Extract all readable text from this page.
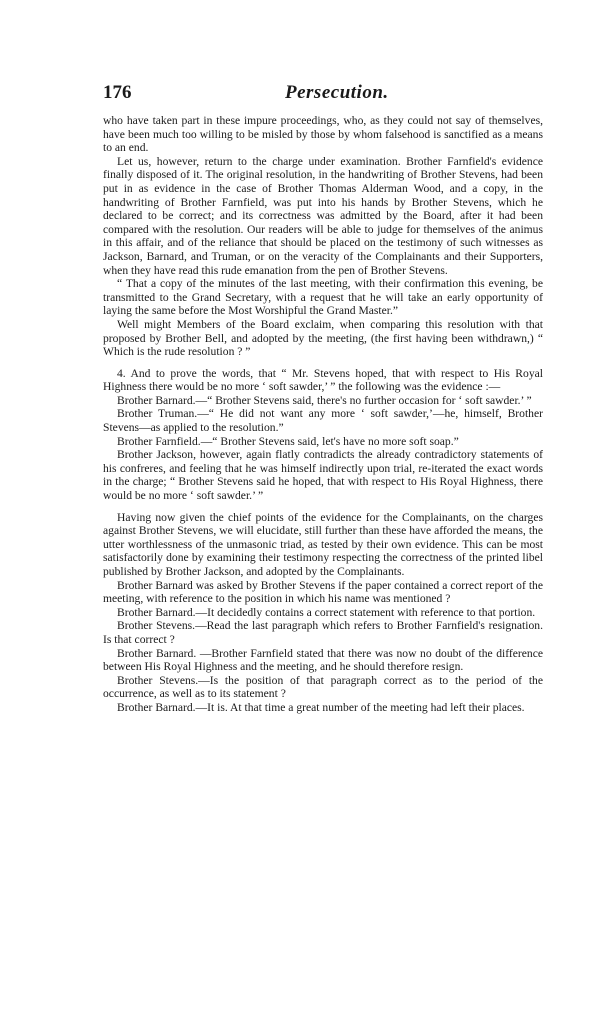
176	Persecution.

who have taken part in these impure proceedings, who, as they could not say of themselves, have been much too willing to be misled by those by whom falsehood is sanctified as a means to an end.

Let us, however, return to the charge under examination. Brother Farnfield's evidence finally disposed of it. The original resolution, in the handwriting of Brother Stevens, had been put in as evidence in the case of Brother Thomas Alderman Wood, and a copy, in the handwriting of Brother Farnfield, was put into his hands by Brother Stevens, which he declared to be correct; and its correctness was admitted by the Board, after it had been compared with the resolution. Our readers will be able to judge for themselves of the animus in this affair, and of the reliance that should be placed on the testimony of such witnesses as Jackson, Barnard, and Truman, or on the veracity of the Complainants and their Supporters, when they have read this rude emanation from the pen of Brother Stevens.

“ That a copy of the minutes of the last meeting, with their confirmation this evening, be transmitted to the Grand Secretary, with a request that he will take an early opportunity of laying the same before the Most Worshipful the Grand Master.”

Well might Members of the Board exclaim, when comparing this resolution with that proposed by Brother Bell, and adopted by the meeting, (the first having been withdrawn,) “ Which is the rude resolution ? ”

4. And to prove the words, that “ Mr. Stevens hoped, that with respect to His Royal Highness there would be no more ‘ soft sawder,’ ” the following was the evidence :—

Brother Barnard.—“ Brother Stevens said, there's no further occasion for ‘ soft sawder.’ ”

Brother Truman.—“ He did not want any more ‘ soft sawder,’—he, himself, Brother Stevens—as applied to the resolution.”

Brother Farnfield.—“ Brother Stevens said, let's have no more soft soap.”

Brother Jackson, however, again flatly contradicts the already contradictory statements of his confreres, and feeling that he was himself indirectly upon trial, re-iterated the exact words in the charge; “ Brother Stevens said he hoped, that with respect to His Royal Highness, there would be no more ‘ soft sawder.’ ”

Having now given the chief points of the evidence for the Complainants, on the charges against Brother Stevens, we will elucidate, still further than these have afforded the means, the utter worthlessness of the unmasonic triad, as tested by their own evidence. This can be most satisfactorily done by examining their testimony respecting the correctness of the printed libel published by Brother Jackson, and adopted by the Complainants.

Brother Barnard was asked by Brother Stevens if the paper contained a correct report of the meeting, with reference to the position in which his name was mentioned ?

Brother Barnard.—It decidedly contains a correct statement with reference to that portion.

Brother Stevens.—Read the last paragraph which refers to Brother Farnfield's resignation. Is that correct ?

Brother Barnard. —Brother Farnfield stated that there was now no doubt of the difference between His Royal Highness and the meeting, and he should therefore resign.

Brother Stevens.—Is the position of that paragraph correct as to the period of the occurrence, as well as to its statement ?

Brother Barnard.—It is. At that time a great number of the meeting had left their places.
